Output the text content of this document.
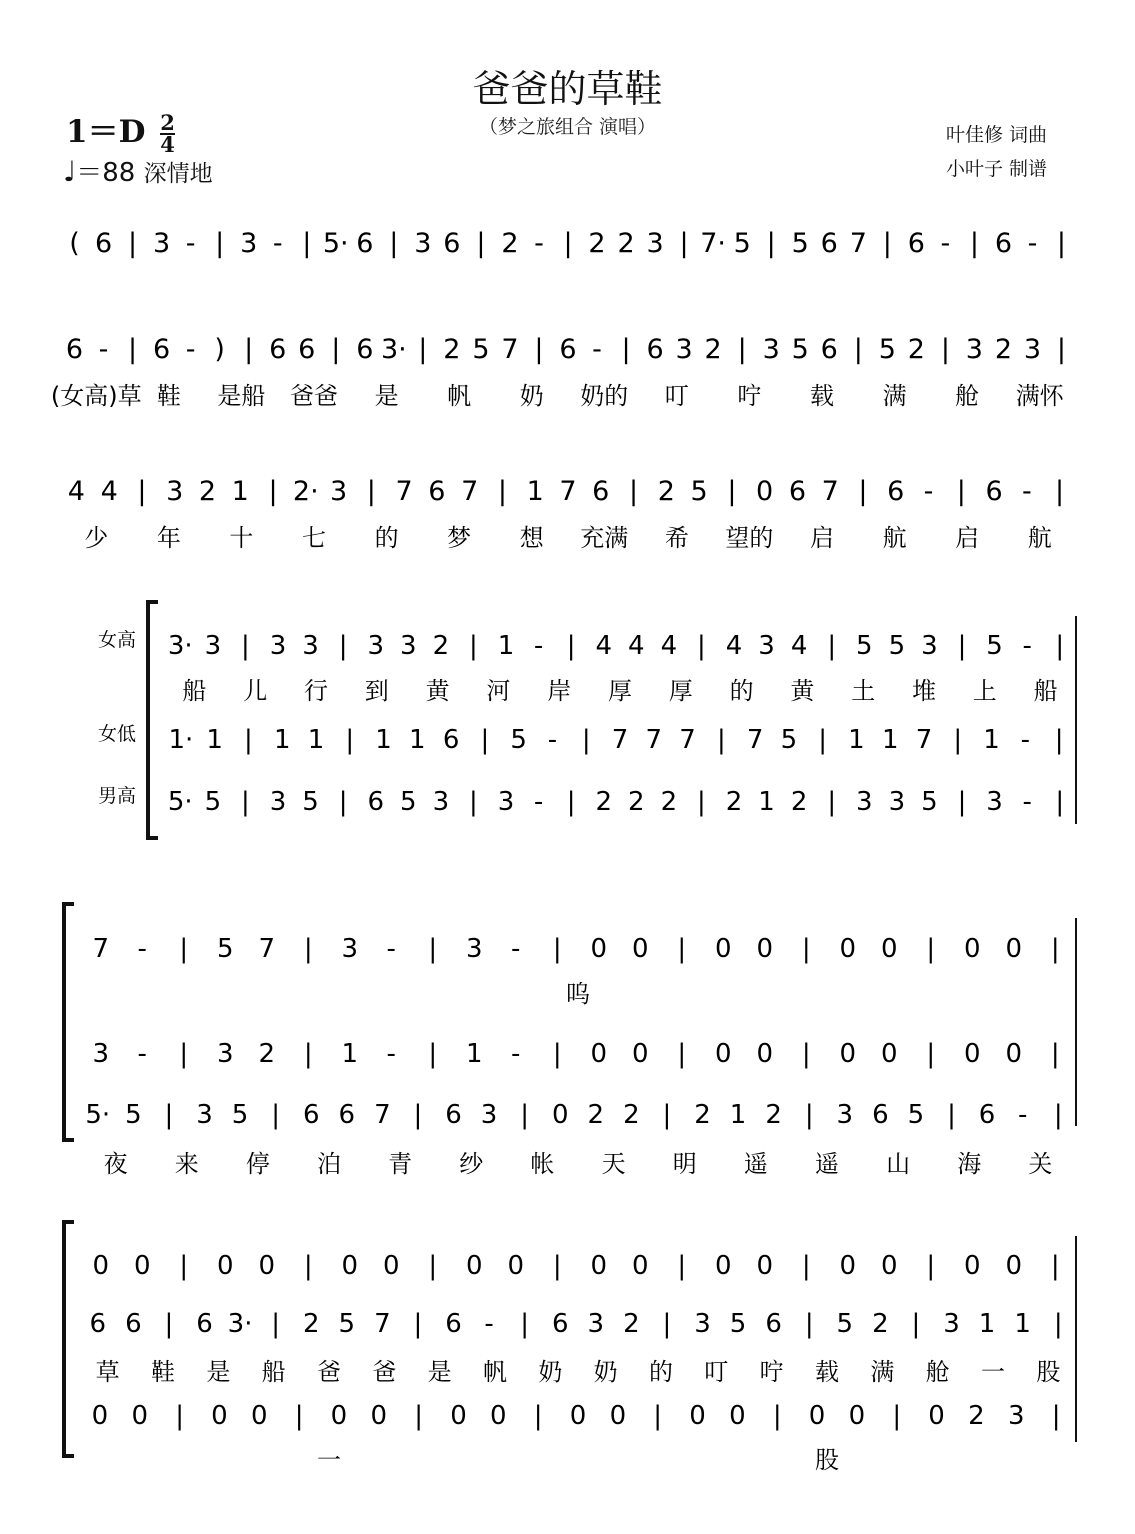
爸爸的草鞋
（梦之旅组合 演唱）
$1=D \frac{2}{4}$
♩＝88 深情地
叶佳修 词曲
小叶子 制谱
( 6 | 3 - | 3 - | 5· 6 | 3 6 | 2 - | 2 2 3 | 7· 5 | 5 6 7 | 6 - | 6 - |
6 - | 6 - ) | 6 6 | 6 3· | 2 5 7 | 6 - | 6 3 2 | 3 5 6 | 5 2 | 3 2 3 |
(女高)草 鞋 是船 爸爸 是 帆 奶 奶的 叮 咛 载 满 舱 满怀
4 4 | 3 2 1 | 2· 3 | 7 6 7 | 1 7 6 | 2 5 | 0 6 7 | 6 - | 6 - |
少 年 十 七 的 梦 想 充满 希 望的 启 航 启 航
女高 3· 3 | 3 3 | 3 3 2 | 1 - | 4 4 4 | 4 3 4 | 5 5 3 | 5 - |
船 儿 行 到 黄 河 岸 厚 厚 的 黄 土 堆 上 船
女低 1· 1 | 1 1 | 1 1 6 | 5 - | 7 7 7 | 7 5 | 1 1 7 | 1 - |
男高 5· 5 | 3 5 | 6 5 3 | 3 - | 2 2 2 | 2 1 2 | 3 3 5 | 3 - |
7 - | 5 7 | 3 - | 3 - | 0 0 | 0 0 | 0 0 | 0 0 |
呜
3 - | 3 2 | 1 - | 1 - | 0 0 | 0 0 | 0 0 | 0 0 |
5· 5 | 3 5 | 6 6 7 | 6 3 | 0 2 2 | 2 1 2 | 3 6 5 | 6 - |
夜 来 停 泊 青 纱 帐 天 明 遥 遥 山 海 关
0 0 | 0 0 | 0 0 | 0 0 | 0 0 | 0 0 | 0 0 | 0 0 |
6 6 | 6 3· | 2 5 7 | 6 - | 6 3 2 | 3 5 6 | 5 2 | 3 1 1 |
草 鞋 是 船 爸 爸 是 帆 奶 奶 的 叮 咛 载 满 舱 一 股
0 0 | 0 0 | 0 0 | 0 0 | 0 0 | 0 0 | 0 0 | 0 2 3 |
一	股
